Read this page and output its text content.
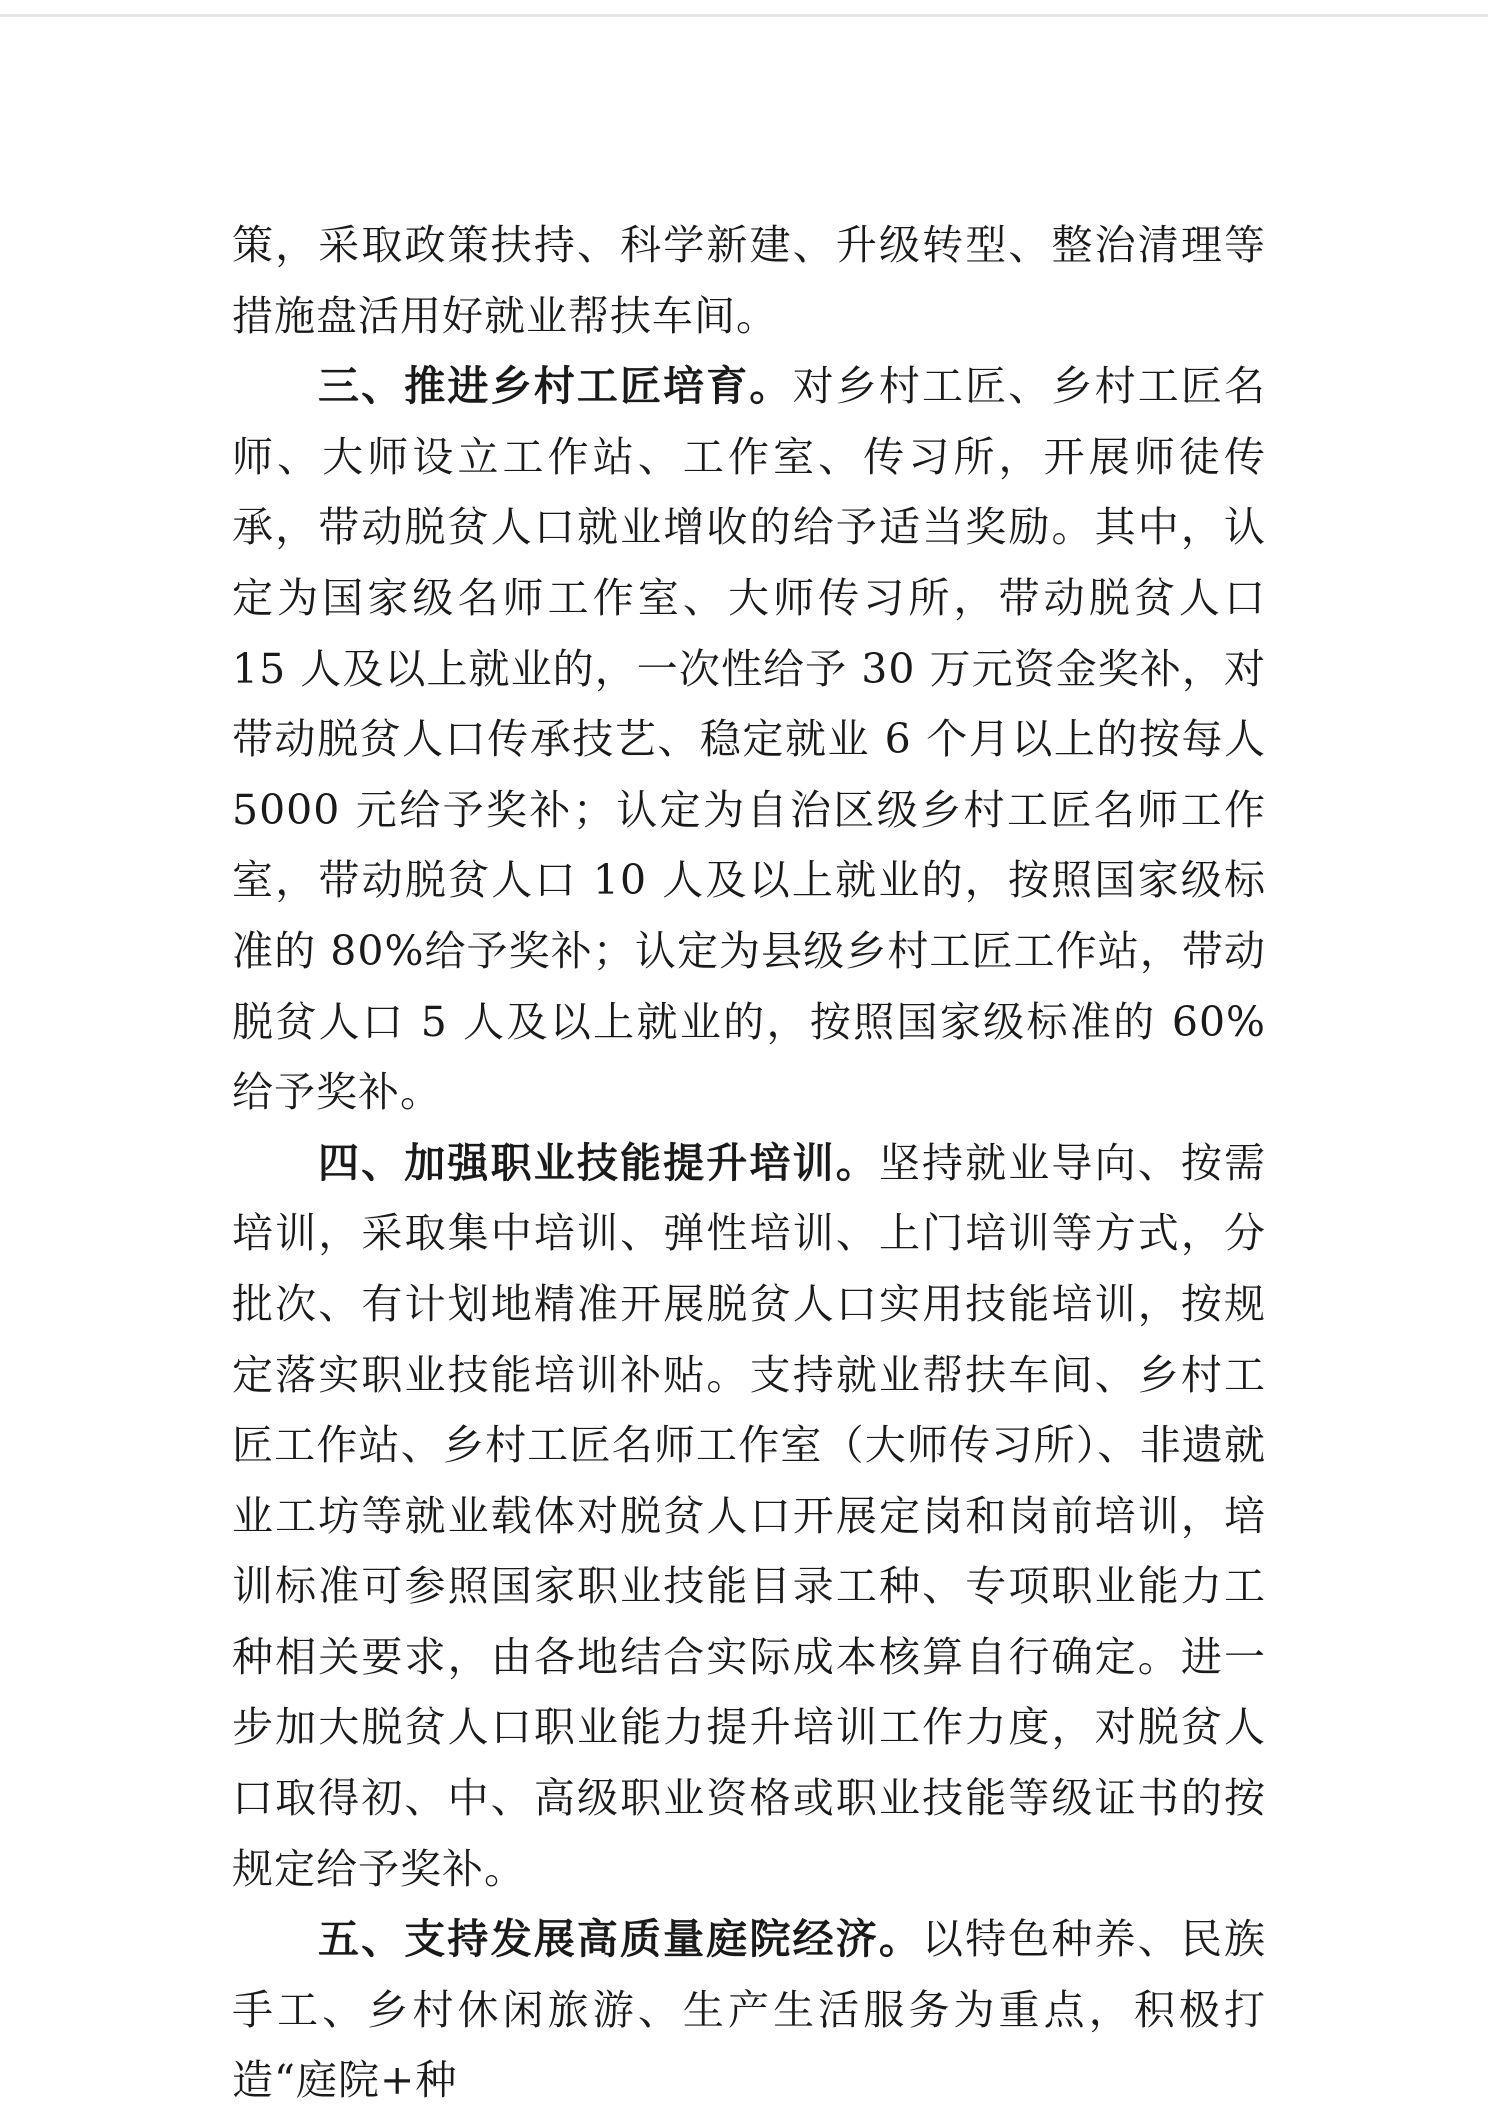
策，采取政策扶持、科学新建、升级转型、整治清理等措施盘活用好就业帮扶车间。

三、推进乡村工匠培育。对乡村工匠、乡村工匠名师、大师设立工作站、工作室、传习所，开展师徒传承，带动脱贫人口就业增收的给予适当奖励。其中，认定为国家级名师工作室、大师传习所，带动脱贫人口 15 人及以上就业的，一次性给予 30 万元资金奖补，对带动脱贫人口传承技艺、稳定就业 6 个月以上的按每人 5000 元给予奖补；认定为自治区级乡村工匠名师工作室，带动脱贫人口 10 人及以上就业的，按照国家级标准的 80%给予奖补；认定为县级乡村工匠工作站，带动脱贫人口 5 人及以上就业的，按照国家级标准的 60%给予奖补。

四、加强职业技能提升培训。坚持就业导向、按需培训，采取集中培训、弹性培训、上门培训等方式，分批次、有计划地精准开展脱贫人口实用技能培训，按规定落实职业技能培训补贴。支持就业帮扶车间、乡村工匠工作站、乡村工匠名师工作室（大师传习所）、非遗就业工坊等就业载体对脱贫人口开展定岗和岗前培训，培训标准可参照国家职业技能目录工种、专项职业能力工种相关要求，由各地结合实际成本核算自行确定。进一步加大脱贫人口职业能力提升培训工作力度，对脱贫人口取得初、中、高级职业资格或职业技能等级证书的按规定给予奖补。

五、支持发展高质量庭院经济。以特色种养、民族手工、乡村休闲旅游、生产生活服务为重点，积极打造“庭院+种
